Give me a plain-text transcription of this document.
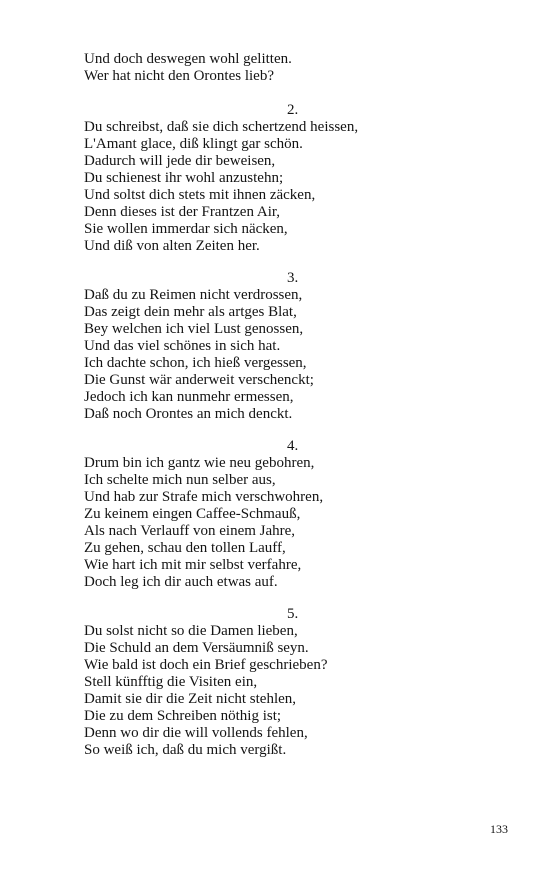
Und doch deswegen wohl gelitten.
Wer hat nicht den Orontes lieb?
2.
Du schreibst, daß sie dich schertzend heissen,
L'Amant glace, diß klingt gar schön.
Dadurch will jede dir beweisen,
Du schienest ihr wohl anzustehn;
Und soltst dich stets mit ihnen zäcken,
Denn dieses ist der Frantzen Air,
Sie wollen immerdar sich näcken,
Und diß von alten Zeiten her.
3.
Daß du zu Reimen nicht verdrossen,
Das zeigt dein mehr als artges Blat,
Bey welchen ich viel Lust genossen,
Und das viel schönes in sich hat.
Ich dachte schon, ich hieß vergessen,
Die Gunst wär anderweit verschenckt;
Jedoch ich kan nunmehr ermessen,
Daß noch Orontes an mich denckt.
4.
Drum bin ich gantz wie neu gebohren,
Ich schelte mich nun selber aus,
Und hab zur Strafe mich verschwohren,
Zu keinem eingen Caffee-Schmauß,
Als nach Verlauff von einem Jahre,
Zu gehen, schau den tollen Lauff,
Wie hart ich mit mir selbst verfahre,
Doch leg ich dir auch etwas auf.
5.
Du solst nicht so die Damen lieben,
Die Schuld an dem Versäumniß seyn.
Wie bald ist doch ein Brief geschrieben?
Stell künfftig die Visiten ein,
Damit sie dir die Zeit nicht stehlen,
Die zu dem Schreiben nöthig ist;
Denn wo dir die will vollends fehlen,
So weiß ich, daß du mich vergißt.
133
